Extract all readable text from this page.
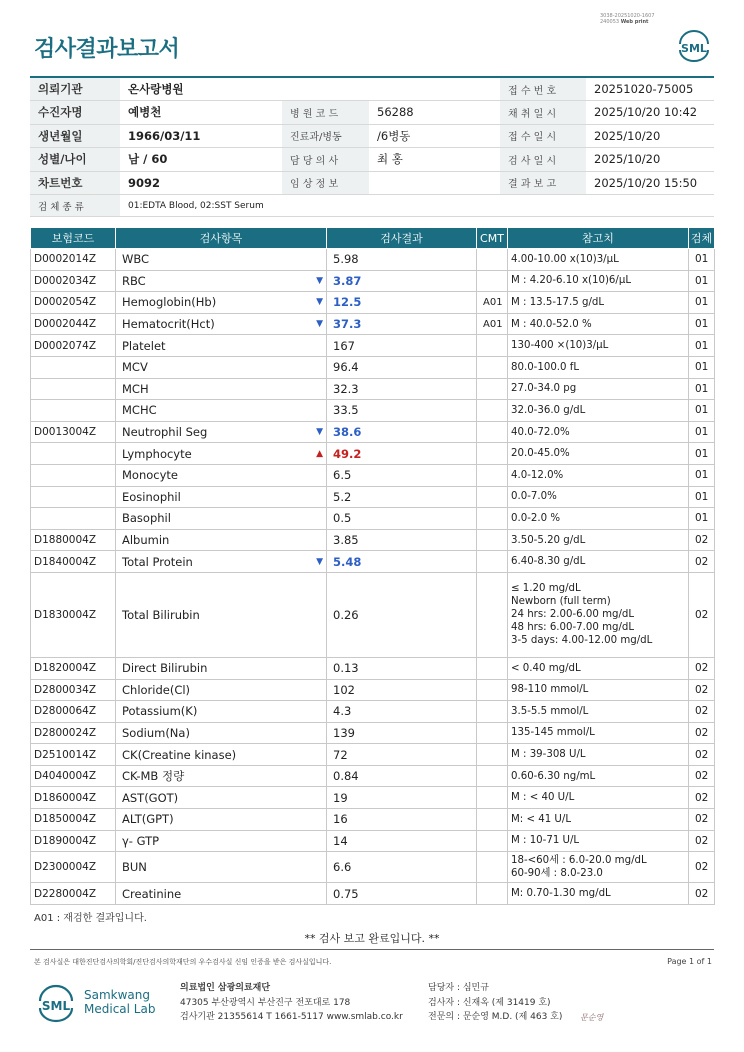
3038-20251020-1607
240053 Web print
검사결과보고서	SML
의뢰기관	온사랑병원			접 수 번 호	20251020-75005
수진자명	예병천	병 원 코 드	56288	채 취 일 시	2025/10/20 10:42
생년월일	1966/03/11	진료과/병동	/6병동	접 수 일 시	2025/10/20
성별/나이	남 / 60	담 당 의 사	최 홍	검 사 일 시	2025/10/20
차트번호	9092	임 상 정 보		결 과 보 고	2025/10/20 15:50
검 체 종 류	01:EDTA Blood, 02:SST Serum				
보험코드	검사항목	검사결과	CMT	참고치	검체
D0002014Z	WBC	5.98		4.00-10.00 x(10)3/μL	01
D0002034Z	RBC ▼	3.87		M : 4.20-6.10 x(10)6/μL	01
D0002054Z	Hemoglobin(Hb) ▼	12.5	A01	M : 13.5-17.5 g/dL	01
D0002044Z	Hematocrit(Hct) ▼	37.3	A01	M : 40.0-52.0 %	01
D0002074Z	Platelet	167		130-400 ×(10)3/μL	01
	MCV	96.4		80.0-100.0 fL	01
	MCH	32.3		27.0-34.0 pg	01
	MCHC	33.5		32.0-36.0 g/dL	01
D0013004Z	Neutrophil Seg ▼	38.6		40.0-72.0%	01
	Lymphocyte ▲	49.2		20.0-45.0%	01
	Monocyte	6.5		4.0-12.0%	01
	Eosinophil	5.2		0.0-7.0%	01
	Basophil	0.5		0.0-2.0 %	01
D1880004Z	Albumin	3.85		3.50-5.20 g/dL	02
D1840004Z	Total Protein ▼	5.48		6.40-8.30 g/dL	02
D1830004Z	Total Bilirubin	0.26		≤ 1.20 mg/dL
Newborn (full term)
24 hrs: 2.00-6.00 mg/dL
48 hrs: 6.00-7.00 mg/dL
3-5 days: 4.00-12.00 mg/dL	02
D1820004Z	Direct Bilirubin	0.13		< 0.40 mg/dL	02
D2800034Z	Chloride(Cl)	102		98-110 mmol/L	02
D2800064Z	Potassium(K)	4.3		3.5-5.5 mmol/L	02
D2800024Z	Sodium(Na)	139		135-145 mmol/L	02
D2510014Z	CK(Creatine kinase)	72		M : 39-308 U/L	02
D4040004Z	CK-MB 정량	0.84		0.60-6.30 ng/mL	02
D1860004Z	AST(GOT)	19		M : < 40 U/L	02
D1850004Z	ALT(GPT)	16		M: < 41 U/L	02
D1890004Z	γ- GTP	14		M : 10-71 U/L	02
D2300004Z	BUN	6.6		18-<60세 : 6.0-20.0 mg/dL
60-90세 : 8.0-23.0	02
D2280004Z	Creatinine	0.75		M: 0.70-1.30 mg/dL	02
A01 : 재검한 결과입니다.
** 검사 보고 완료입니다. **
본 검사실은 대한진단검사의학회/진단검사의학재단의 우수검사실 신임 인증을 받은 검사실입니다.	Page 1 of 1
SML
Samkwang
Medical Lab
의료법인 삼광의료재단
47305 부산광역시 부산진구 전포대로 178
검사기관 21355614 T 1661-5117 www.smlab.co.kr
담당자 : 심민규
검사자 : 신재옥 (제 31419 호)
전문의 : 문순영 M.D. (제 463 호) 문순영
